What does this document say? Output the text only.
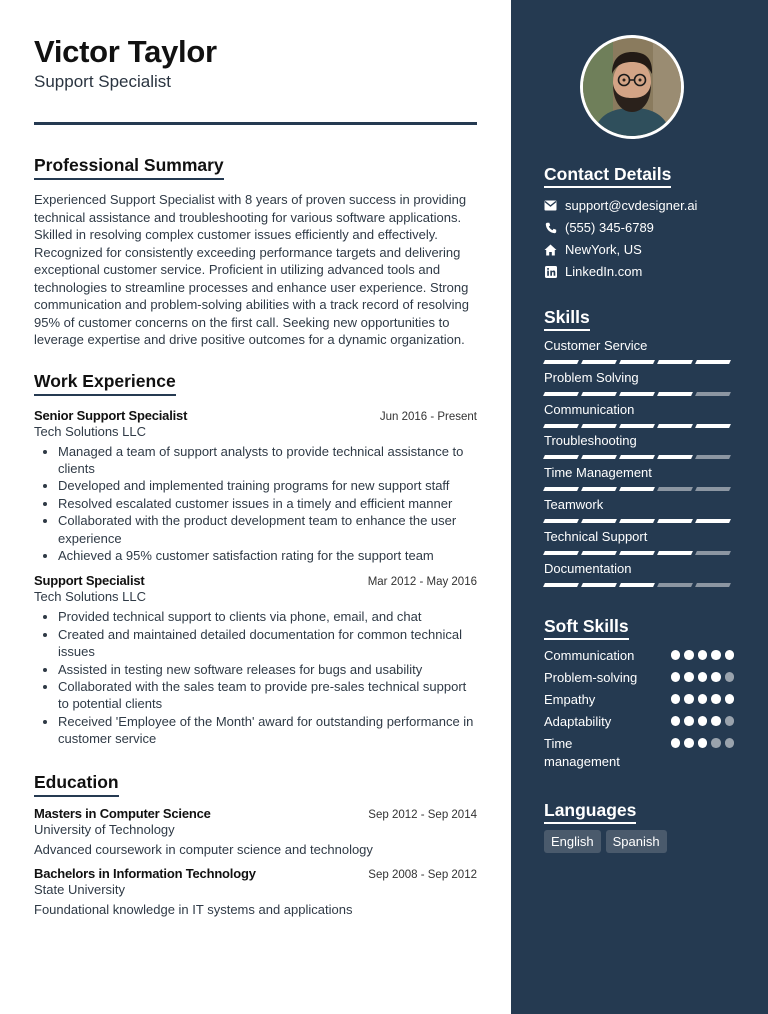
Victor Taylor
Support Specialist
Professional Summary

Experienced Support Specialist with 8 years of proven success in providing technical assistance and troubleshooting for various software applications. Skilled in resolving complex customer issues efficiently and effectively. Recognized for consistently exceeding performance targets and delivering exceptional customer service. Proficient in utilizing advanced tools and technologies to streamline processes and enhance user experience. Strong communication and problem-solving abilities with a track record of resolving 95% of customer concerns on the first call. Seeking new opportunities to leverage expertise and drive positive outcomes for a dynamic organization.

Work Experience
Senior Support Specialist	Jun 2016 - Present
Tech Solutions LLC
• Managed a team of support analysts to provide technical assistance to clients
• Developed and implemented training programs for new support staff
• Resolved escalated customer issues in a timely and efficient manner
• Collaborated with the product development team to enhance the user experience
• Achieved a 95% customer satisfaction rating for the support team
Support Specialist	Mar 2012 - May 2016
Tech Solutions LLC
• Provided technical support to clients via phone, email, and chat
• Created and maintained detailed documentation for common technical issues
• Assisted in testing new software releases for bugs and usability
• Collaborated with the sales team to provide pre-sales technical support to potential clients
• Received 'Employee of the Month' award for outstanding performance in customer service
Education
Masters in Computer Science	Sep 2012 - Sep 2014
University of Technology
Advanced coursework in computer science and technology
Bachelors in Information Technology	Sep 2008 - Sep 2012
State University
Foundational knowledge in IT systems and applications
Contact Details
support@cvdesigner.ai
(555) 345-6789
NewYork, US
LinkedIn.com
Skills
Customer Service
Problem Solving
Communication
Troubleshooting
Time Management
Teamwork
Technical Support
Documentation
Soft Skills
Communication
Problem-solving
Empathy
Adaptability
Time management
Languages
English	Spanish
